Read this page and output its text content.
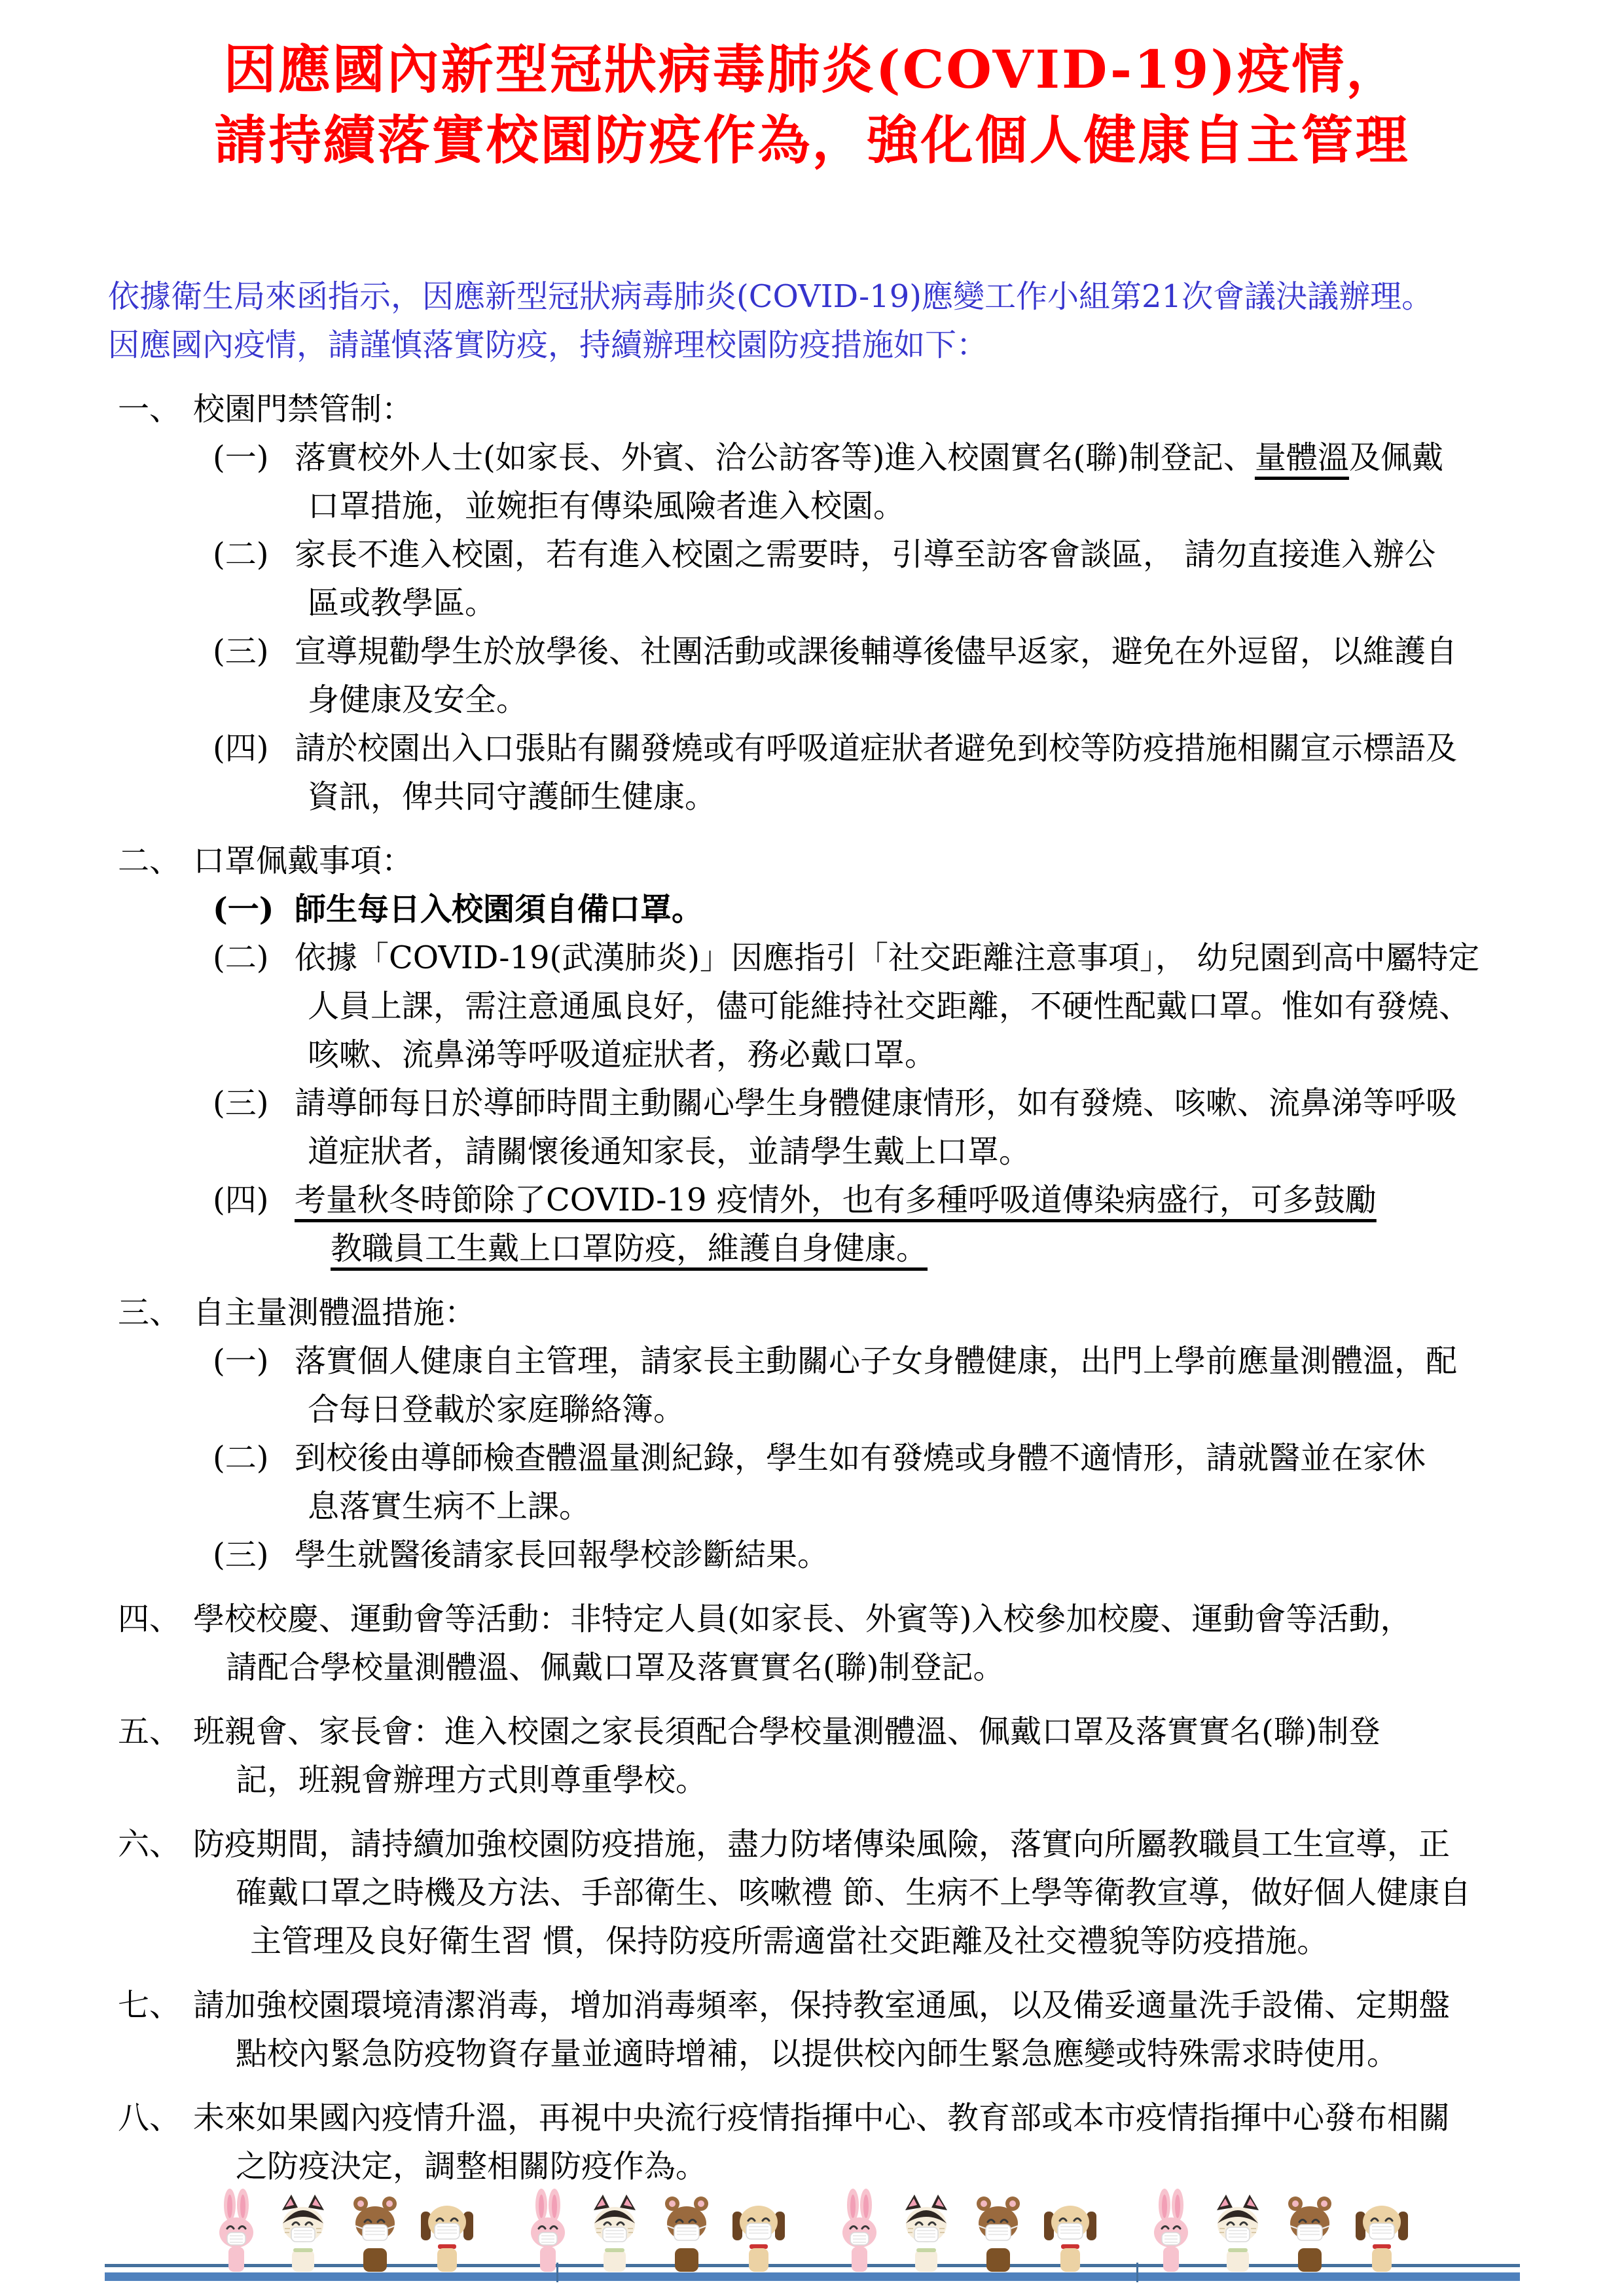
因應國內新型冠狀病毒肺炎(COVID-19)疫情，
請持續落實校園防疫作為，強化個人健康自主管理
依據衛生局來函指示，因應新型冠狀病毒肺炎(COVID-19)應變工作小組第21次會議決議辦理。
因應國內疫情，請謹慎落實防疫，持續辦理校園防疫措施如下：
一、 校園門禁管制：
(一) 落實校外人士(如家長、外賓、洽公訪客等)進入校園實名(聯)制登記、量體溫及佩戴
口罩措施，並婉拒有傳染風險者進入校園。
(二) 家長不進入校園，若有進入校園之需要時，引導至訪客會談區， 請勿直接進入辦公
區或教學區。
(三) 宣導規勸學生於放學後、社團活動或課後輔導後儘早返家，避免在外逗留，以維護自
身健康及安全。
(四) 請於校園出入口張貼有關發燒或有呼吸道症狀者避免到校等防疫措施相關宣示標語及
資訊，俾共同守護師生健康。
二、 口罩佩戴事項：
(一) 師生每日入校園須自備口罩。
(二) 依據「COVID-19(武漢肺炎)」因應指引「社交距離注意事項」， 幼兒園到高中屬特定
人員上課，需注意通風良好，儘可能維持社交距離，不硬性配戴口罩。惟如有發燒、
咳嗽、流鼻涕等呼吸道症狀者，務必戴口罩。
(三) 請導師每日於導師時間主動關心學生身體健康情形，如有發燒、咳嗽、流鼻涕等呼吸
道症狀者，請關懷後通知家長，並請學生戴上口罩。
(四) 考量秋冬時節除了COVID-19 疫情外，也有多種呼吸道傳染病盛行，可多鼓勵
教職員工生戴上口罩防疫，維護自身健康。
三、 自主量測體溫措施：
(一) 落實個人健康自主管理，請家長主動關心子女身體健康，出門上學前應量測體溫，配
合每日登載於家庭聯絡簿。
(二) 到校後由導師檢查體溫量測紀錄，學生如有發燒或身體不適情形，請就醫並在家休
息落實生病不上課。
(三) 學生就醫後請家長回報學校診斷結果。
四、 學校校慶、運動會等活動：非特定人員(如家長、外賓等)入校參加校慶、運動會等活動，
請配合學校量測體溫、佩戴口罩及落實實名(聯)制登記。
五、 班親會、家長會：進入校園之家長須配合學校量測體溫、佩戴口罩及落實實名(聯)制登
記，班親會辦理方式則尊重學校。
六、 防疫期間，請持續加強校園防疫措施，盡力防堵傳染風險，落實向所屬教職員工生宣導，正
確戴口罩之時機及方法、手部衛生、咳嗽禮 節、生病不上學等衛教宣導，做好個人健康自
主管理及良好衛生習 慣，保持防疫所需適當社交距離及社交禮貌等防疫措施。
七、 請加強校園環境清潔消毒，增加消毒頻率，保持教室通風，以及備妥適量洗手設備、定期盤
點校內緊急防疫物資存量並適時增補，以提供校內師生緊急應變或特殊需求時使用。
八、 未來如果國內疫情升溫，再視中央流行疫情指揮中心、教育部或本市疫情指揮中心發布相關
之防疫決定，調整相關防疫作為。
